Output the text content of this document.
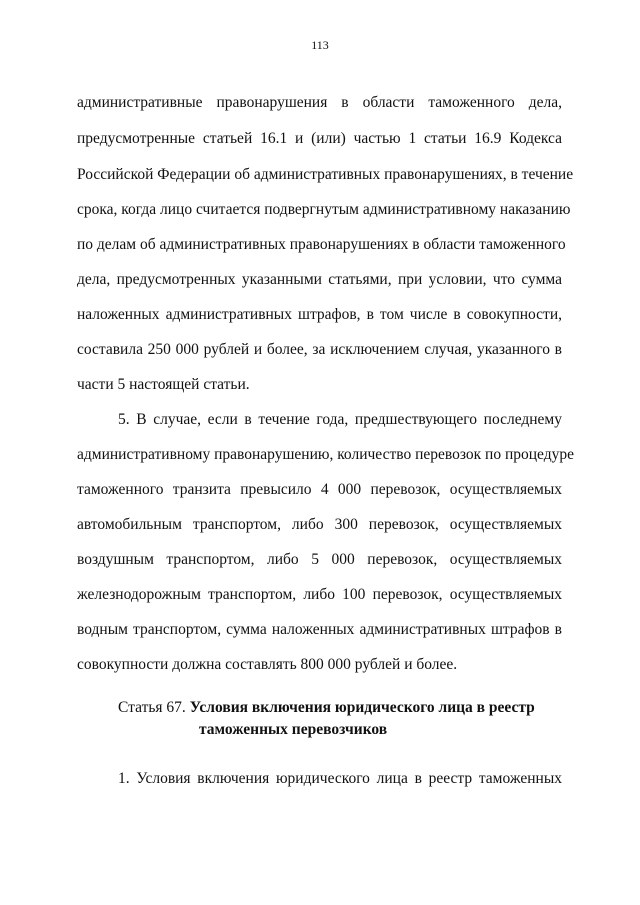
113
административные правонарушения в области таможенного дела,
предусмотренные статьей 16.1 и (или) частью 1 статьи 16.9 Кодекса
Российской Федерации об административных правонарушениях, в течение
срока, когда лицо считается подвергнутым административному наказанию
по делам об административных правонарушениях в области таможенного
дела, предусмотренных указанными статьями, при условии, что сумма
наложенных административных штрафов, в том числе в совокупности,
составила 250 000 рублей и более, за исключением случая, указанного в
части 5 настоящей статьи.
5. В случае, если в течение года, предшествующего последнему
административному правонарушению, количество перевозок по процедуре
таможенного транзита превысило 4 000 перевозок, осуществляемых
автомобильным транспортом, либо 300 перевозок, осуществляемых
воздушным транспортом, либо 5 000 перевозок, осуществляемых
железнодорожным транспортом, либо 100 перевозок, осуществляемых
водным транспортом, сумма наложенных административных штрафов в
совокупности должна составлять 800 000 рублей и более.
Статья 67. Условия включения юридического лица в реестр
таможенных перевозчиков
1. Условия включения юридического лица в реестр таможенных
